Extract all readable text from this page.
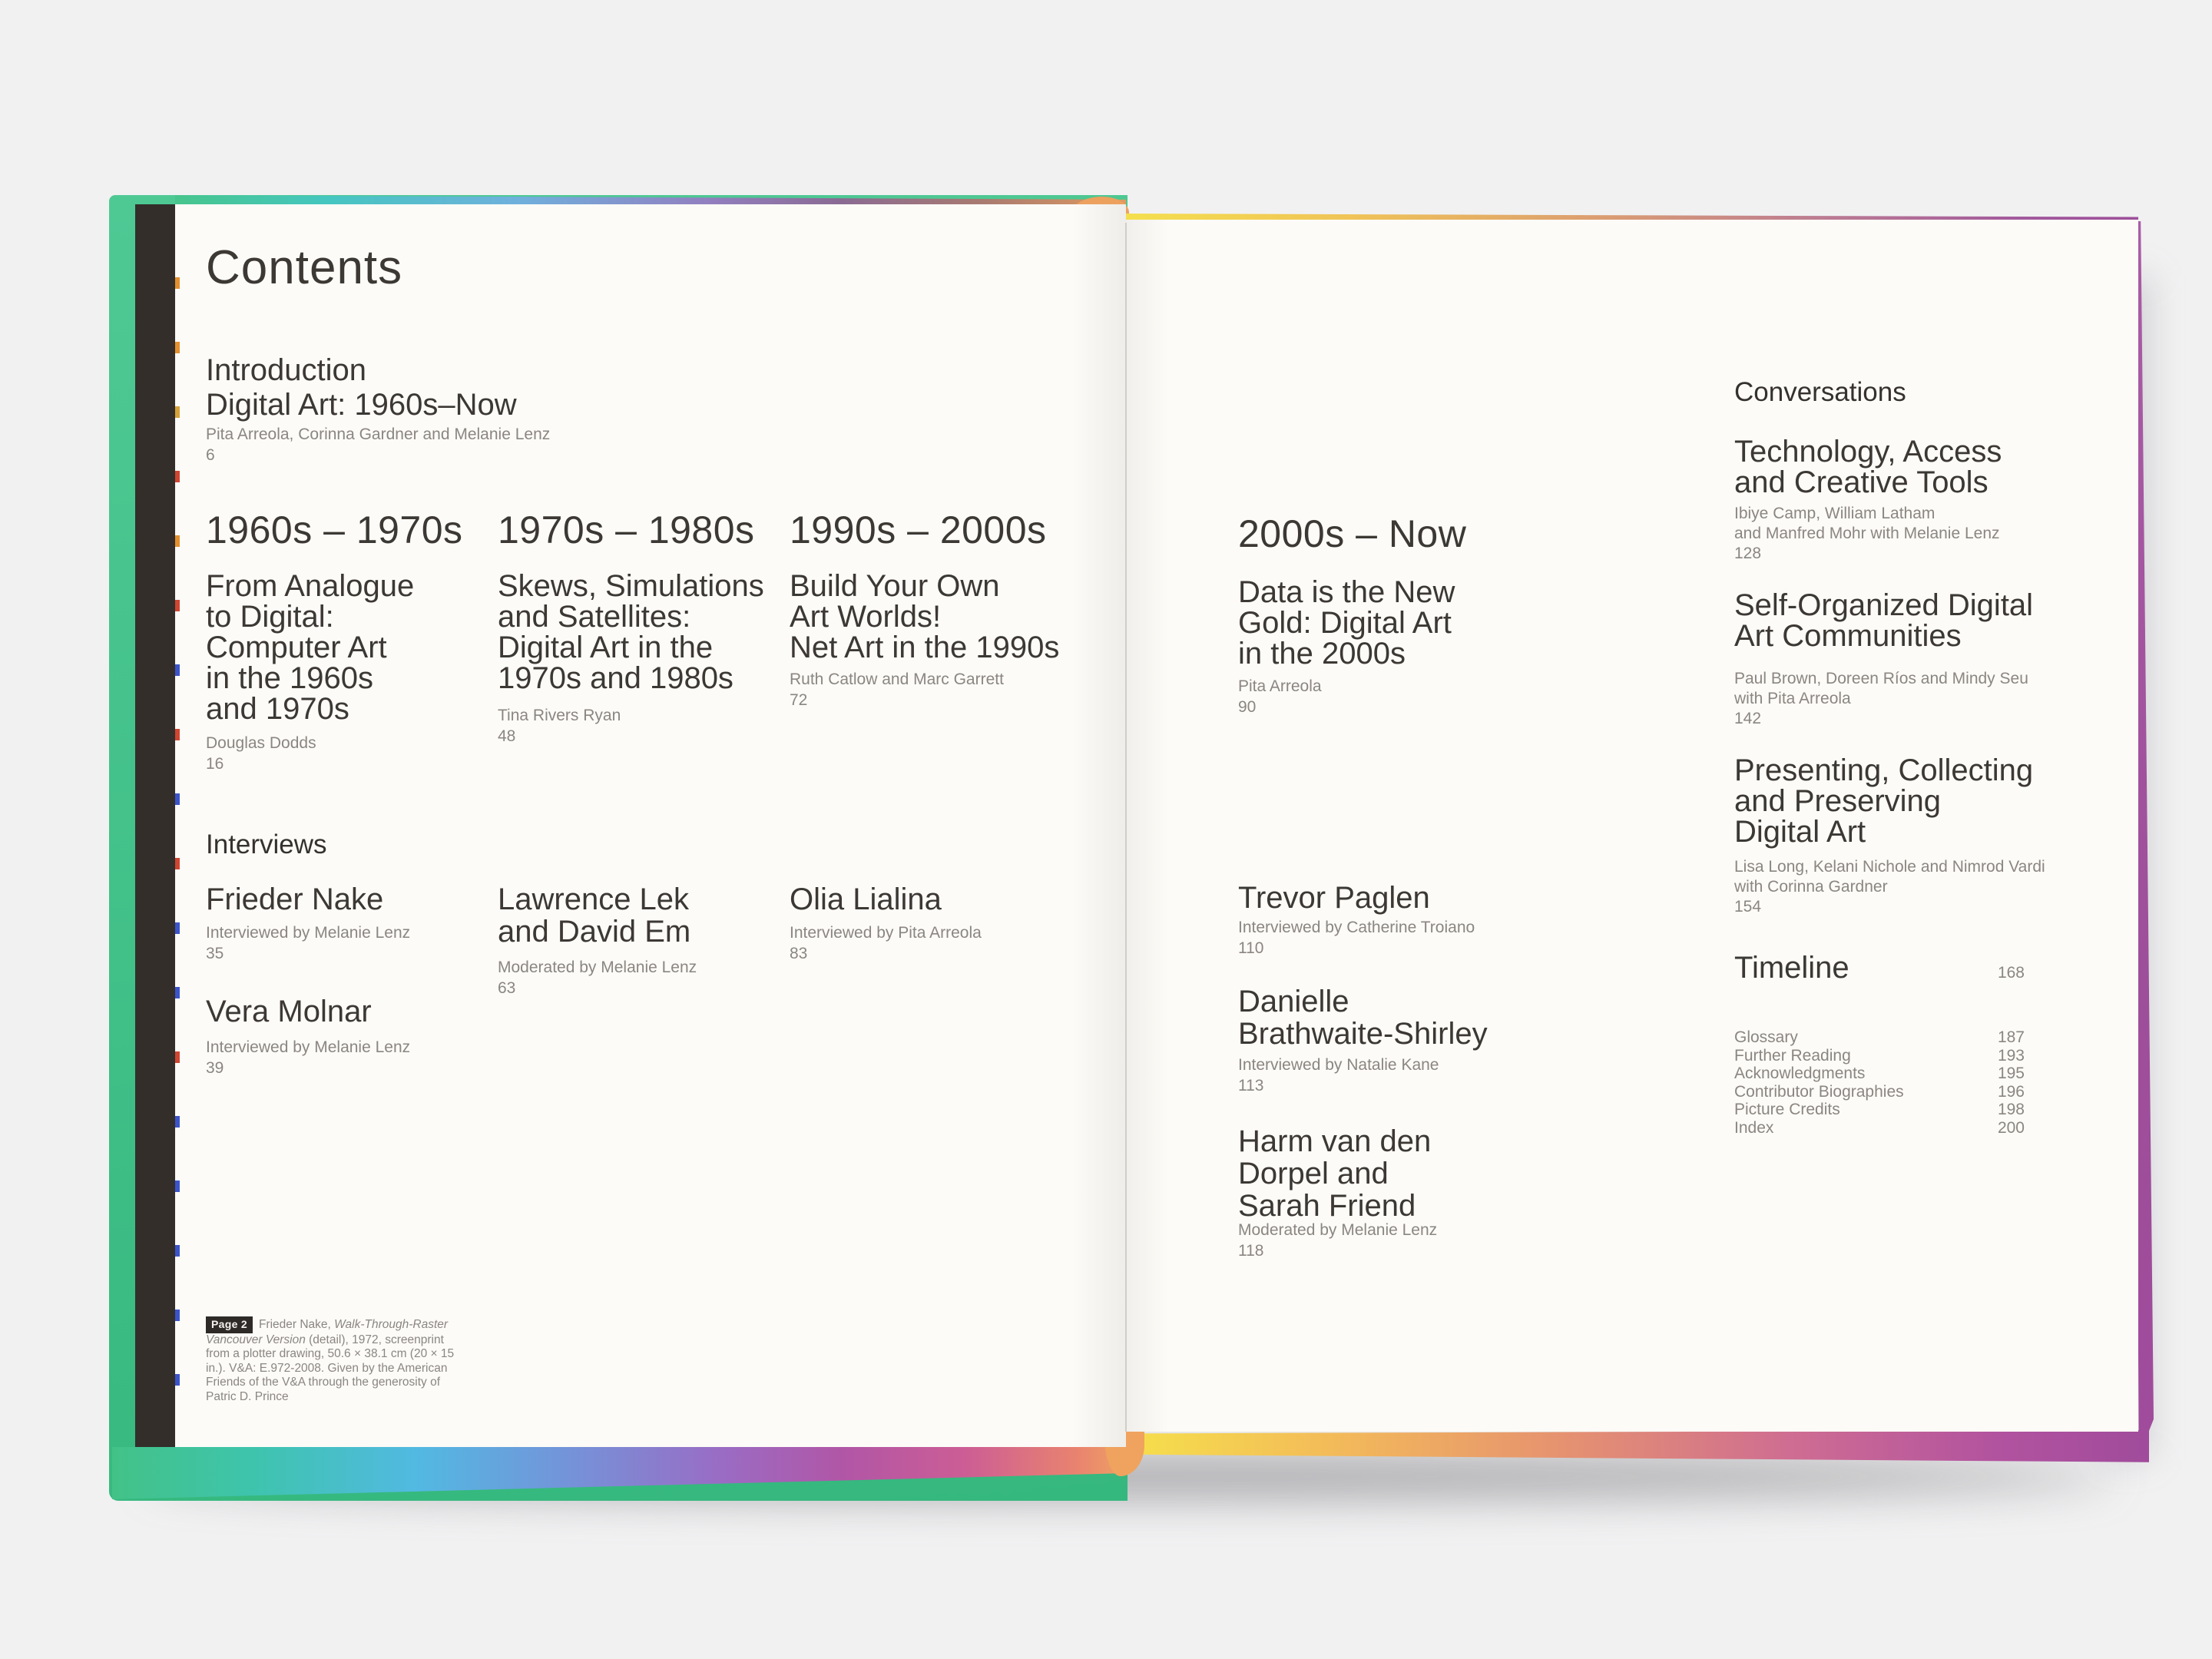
Contents
Introduction
Digital Art: 1960s–Now
Pita Arreola, Corinna Gardner and Melanie Lenz
6
1960s – 1970s
From Analogue
to Digital:
Computer Art
in the 1960s
and 1970s
Douglas Dodds
16
1970s – 1980s
Skews, Simulations
and Satellites:
Digital Art in the
1970s and 1980s
Tina Rivers Ryan
48
1990s – 2000s
Build Your Own
Art Worlds!
Net Art in the 1990s
Ruth Catlow and Marc Garrett
72
Interviews
Frieder Nake
Interviewed by Melanie Lenz
35
Vera Molnar
Interviewed by Melanie Lenz
39
Lawrence Lek
and David Em
Moderated by Melanie Lenz
63
Olia Lialina
Interviewed by Pita Arreola
83

Page 2 Frieder Nake, Walk-Through-Raster Vancouver Version (detail), 1972, screenprint from a plotter drawing, 50.6 × 38.1 cm (20 × 15 in.). V&A: E.972-2008. Given by the American Friends of the V&A through the generosity of Patric D. Prince

2000s – Now
Data is the New
Gold: Digital Art
in the 2000s
Pita Arreola
90
Trevor Paglen
Interviewed by Catherine Troiano
110
Danielle
Brathwaite-Shirley
Interviewed by Natalie Kane
113
Harm van den
Dorpel and
Sarah Friend
Moderated by Melanie Lenz
118
Conversations
Technology, Access
and Creative Tools
Ibiye Camp, William Latham
and Manfred Mohr with Melanie Lenz
128
Self-Organized Digital
Art Communities
Paul Brown, Doreen Ríos and Mindy Seu
with Pita Arreola
142
Presenting, Collecting
and Preserving
Digital Art
Lisa Long, Kelani Nichole and Nimrod Vardi
with Corinna Gardner
154
Timeline	168
Glossary	187
Further Reading	193
Acknowledgments	195
Contributor Biographies	196
Picture Credits	198
Index	200
